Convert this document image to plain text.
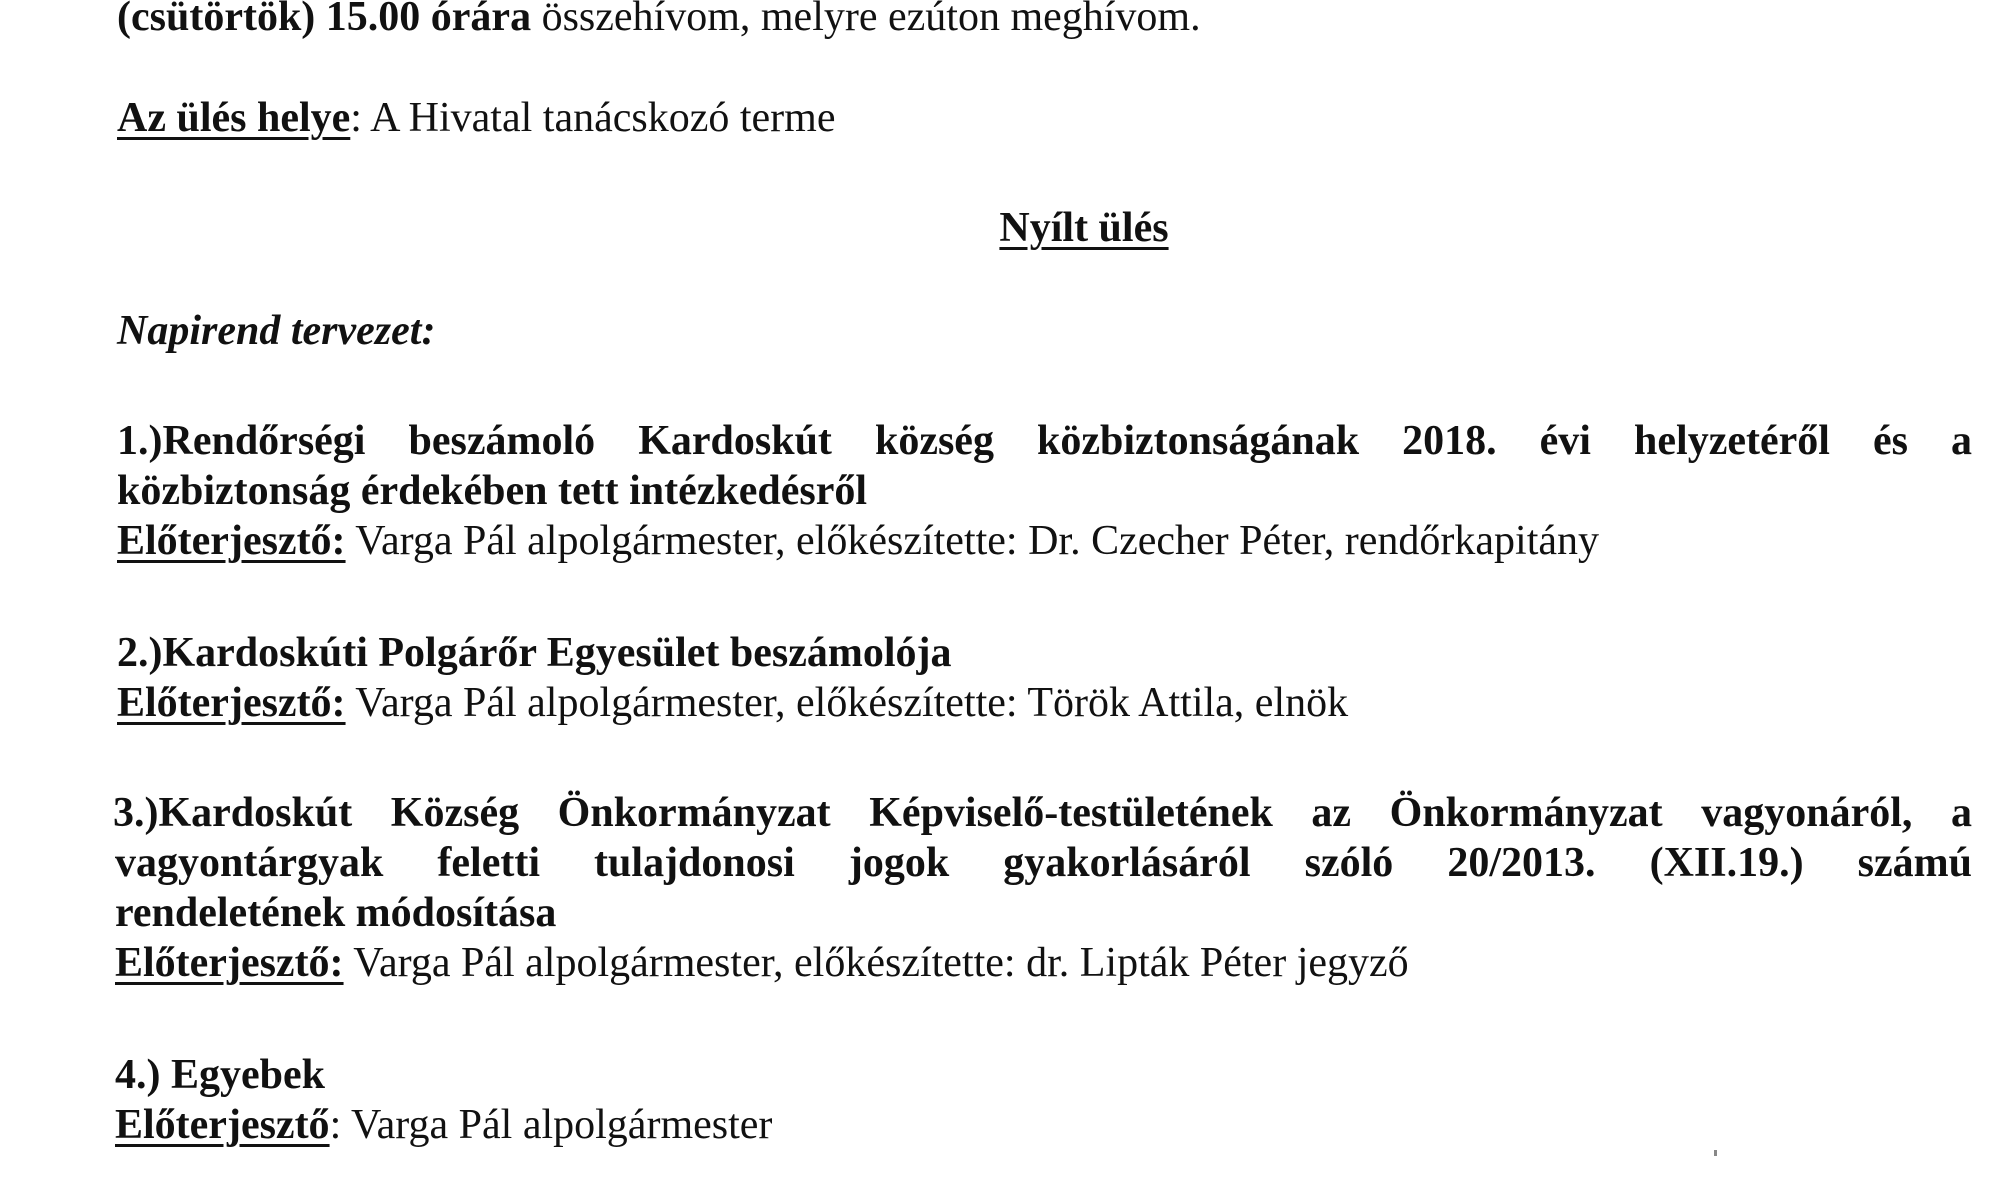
(csütörtök) 15.00 órára összehívom, melyre ezúton meghívom.
Az ülés helye: A Hivatal tanácskozó terme
Nyílt ülés
Napirend tervezet:
1.)Rendőrségi beszámoló Kardoskút község közbiztonságának 2018. évi helyzetéről és a
közbiztonság érdekében tett intézkedésről
Előterjesztő: Varga Pál alpolgármester, előkészítette: Dr. Czecher Péter, rendőrkapitány
2.)Kardoskúti Polgárőr Egyesület beszámolója
Előterjesztő: Varga Pál alpolgármester, előkészítette: Török Attila, elnök
3.)Kardoskút Község Önkormányzat Képviselő-testületének az Önkormányzat vagyonáról, a
vagyontárgyak feletti tulajdonosi jogok gyakorlásáról szóló 20/2013. (XII.19.) számú
rendeletének módosítása
Előterjesztő: Varga Pál alpolgármester, előkészítette: dr. Lipták Péter jegyző
4.) Egyebek
Előterjesztő: Varga Pál alpolgármester
